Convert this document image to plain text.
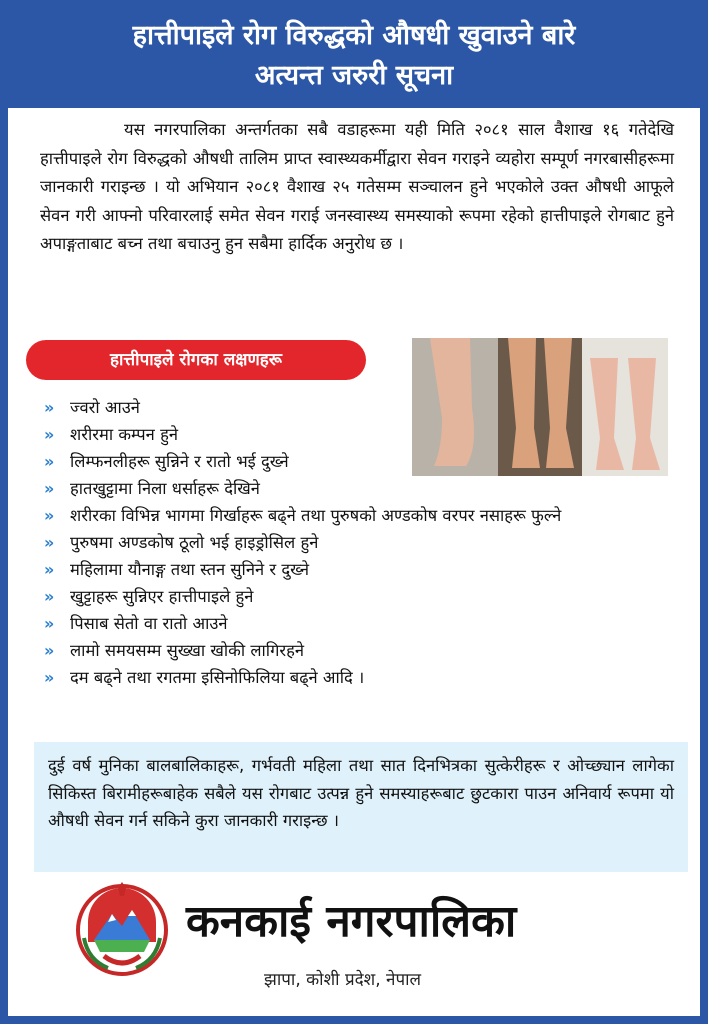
हात्तीपाइले रोग विरुद्धको औषधी खुवाउने बारे
अत्यन्त जरुरी सूचना
यस नगरपालिका अन्तर्गतका सबै वडाहरूमा यही मिति २०८१ साल वैशाख १६ गतेदेखि हात्तीपाइले रोग विरुद्धको औषधी तालिम प्राप्त स्वास्थ्यकर्मीद्वारा सेवन गराइने व्यहोरा सम्पूर्ण नगरबासीहरूमा जानकारी गराइन्छ । यो अभियान २०८१ वैशाख २५ गतेसम्म सञ्चालन हुने भएकोले उक्त औषधी आफूले सेवन गरी आफ्नो परिवारलाई समेत सेवन गराई जनस्वास्थ्य समस्याको रूपमा रहेको हात्तीपाइले रोगबाट हुने अपाङ्गताबाट बच्न तथा बचाउनु हुन सबैमा हार्दिक अनुरोध छ ।
हात्तीपाइले रोगका लक्षणहरू
» ज्वरो आउने
» शरीरमा कम्पन हुने
» लिम्फनलीहरू सुन्निने र रातो भई दुख्ने
» हातखुट्टामा निला धर्साहरू देखिने
» शरीरका विभिन्न भागमा गिर्खाहरू बढ्ने तथा पुरुषको अण्डकोष वरपर नसाहरू फुल्ने
» पुरुषमा अण्डकोष ठूलो भई हाइड्रोसिल हुने
» महिलामा यौनाङ्ग तथा स्तन सुनिने र दुख्ने
» खुट्टाहरू सुन्निएर हात्तीपाइले हुने
» पिसाब सेतो वा रातो आउने
» लामो समयसम्म सुख्खा खोकी लागिरहने
» दम बढ्ने तथा रगतमा इसिनोफिलिया बढ्ने आदि ।
दुई वर्ष मुनिका बालबालिकाहरू, गर्भवती महिला तथा सात दिनभित्रका सुत्केरीहरू र ओच्छ्यान लागेका सिकिस्त बिरामीहरूबाहेक सबैले यस रोगबाट उत्पन्न हुने समस्याहरूबाट छुटकारा पाउन अनिवार्य रूपमा यो औषधी सेवन गर्न सकिने कुरा जानकारी गराइन्छ ।
कनकाई नगरपालिका
झापा, कोशी प्रदेश, नेपाल
